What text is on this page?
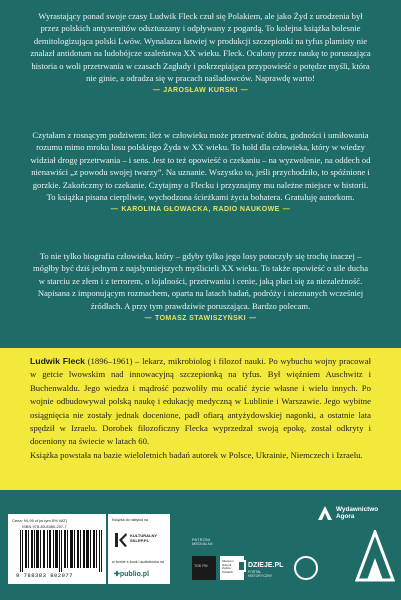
Wyrastający ponad swoje czasy Ludwik Fleck czuł się Polakiem, ale jako Żyd z urodzenia był przez polskich antysemitów odsztuszany i odpływany z pogardą. To kolejna książka bolesnie demitologizująca polski Lwów. Wynalazca łatwiej w produkcji szczepionki na tyfus plamisty nie znalazł antidotum na ludobójcze szaleństwa XX wieku. Fleck. Ocalony przez naukę to poruszająca historia o woli przetrwania w czasach Zagłady i pokrzepiająca przypowieść o potędze myśli, która nie ginie, a odradza się w pracach naśladowców. Naprawdę warto!

— JAROSŁAW KURSKI —

Czytałam z rosnącym podziwem: ileż w człowieku może przetrwać dobra, godności i umiłowania rozumu mimo mroku losu polskiego Żyda w XX wieku. To hołd dla człowieka, który w wiedzy widział drogę przetrwania – i sens. Jest to też opowieść o czekaniu – na wyzwolenie, na oddech od nienawiści „z powodu swojej twarzy”. Na uznanie. Wszystko to, jeśli przychodziło, to spóźnione i gorzkie. Zakończmy to czekanie. Czytajmy o Flecku i przyznajmy mu należne miejsce w historii. To książka pisana cierpliwie, wychodzona ścieżkami życia bohatera. Gratuluję autorkom.

— KAROLINA GŁOWACKA, RADIO NAUKOWE —

To nie tylko biografia człowieka, który – gdyby tylko jego losy potoczyły się trochę inaczej – mógłby być dziś jednym z najsłynniejszych myślicieli XX wieku. To także opowieść o sile ducha w starciu ze złem i z terrorem, o lojalności, przetrwaniu i cenie, jaką płaci się za niezależność. Napisana z imponującym rozmachem, oparta na latach badań, podróży i nieznanych wcześniej źródłach. A przy tym prawdziwie poruszająca. Bardzo polecam.

— TOMASZ STAWISZYŃSKI —

Ludwik Fleck (1896–1961) – lekarz, mikrobiolog i filozof nauki. Po wybuchu wojny pracował w getcie lwowskim nad innowacyjną szczepionką na tyfus. Był więźniem Auschwitz i Buchenwaldu. Jego wiedza i mądrość pozwoliły mu ocalić życie własne i wielu innych. Po wojnie odbudowywał polską naukę i edukację medyczną w Lublinie i Warszawie. Jego wybitne osiągnięcia nie zostały jednak docenione, padł ofiarą antyżydowskiej nagonki, a ostatnie lata spędził w Izraelu. Dorobek filozoficzny Flecka wyprzedzał swoją epokę, został odkryty i doceniony na świecie w latach 60.

Książka powstała na bazie wieloletnich badań autorek w Polsce, Ukrainie, Niemczech i Izraelu.

Cena: 94,99 zł (w tym 5% VAT)
ISBN 978-83-8380-207-7
9 788383 802077
Książka do nabycia na
KULTURALNY
SKLEP.PL
w formie e-book i audiobooka na
✚publio.pl
PATRONI
MEDIALNI:
TOK FM
Muzeum
Historii
Żydów
Polskich
DZIEJE.PL
PORTAL
HISTORYCZNY
Wydawnictwo
Agora
